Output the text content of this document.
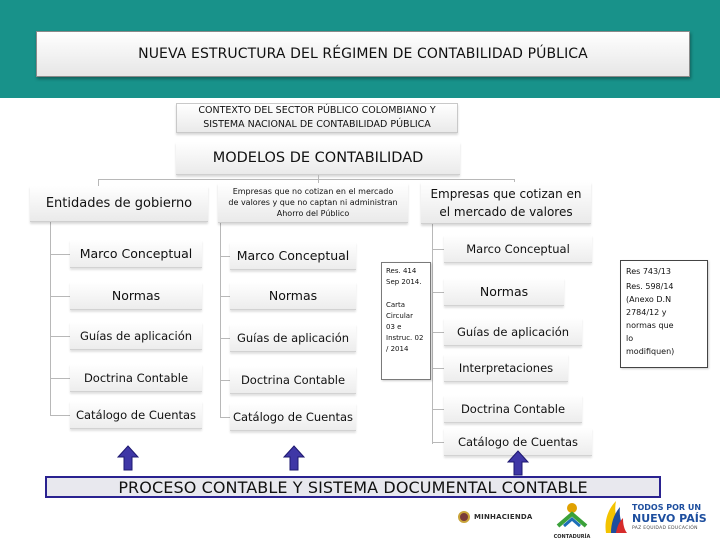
NUEVA ESTRUCTURA DEL RÉGIMEN DE CONTABILIDAD PÚBLICA
CONTEXTO DEL SECTOR PÚBLICO COLOMBIANO Y
SISTEMA NACIONAL DE CONTABILIDAD PÚBLICA
MODELOS DE CONTABILIDAD
Entidades de gobierno
Empresas que no cotizan en el mercado
de valores y que no captan ni administran
Ahorro del Público
Empresas que cotizan en
el mercado de valores
Marco Conceptual
Normas
Guías de aplicación
Doctrina Contable
Catálogo de Cuentas
Marco Conceptual
Normas
Guías de aplicación
Doctrina Contable
Catálogo de Cuentas
Marco Conceptual
Normas
Guías de aplicación
Interpretaciones
Doctrina Contable
Catálogo de Cuentas
Res. 414
Sep 2014.
Carta
Circular
03 e
Instruc. 02
/ 2014
Res 743/13
Res. 598/14
(Anexo D.N
2784/12 y
normas que
lo
modifiquen)
PROCESO CONTABLE Y SISTEMA DOCUMENTAL CONTABLE
MINHACIENDA
CONTADURÍA
TODOS POR UN
NUEVO PAÍS
PAZ EQUIDAD EDUCACIÓN
